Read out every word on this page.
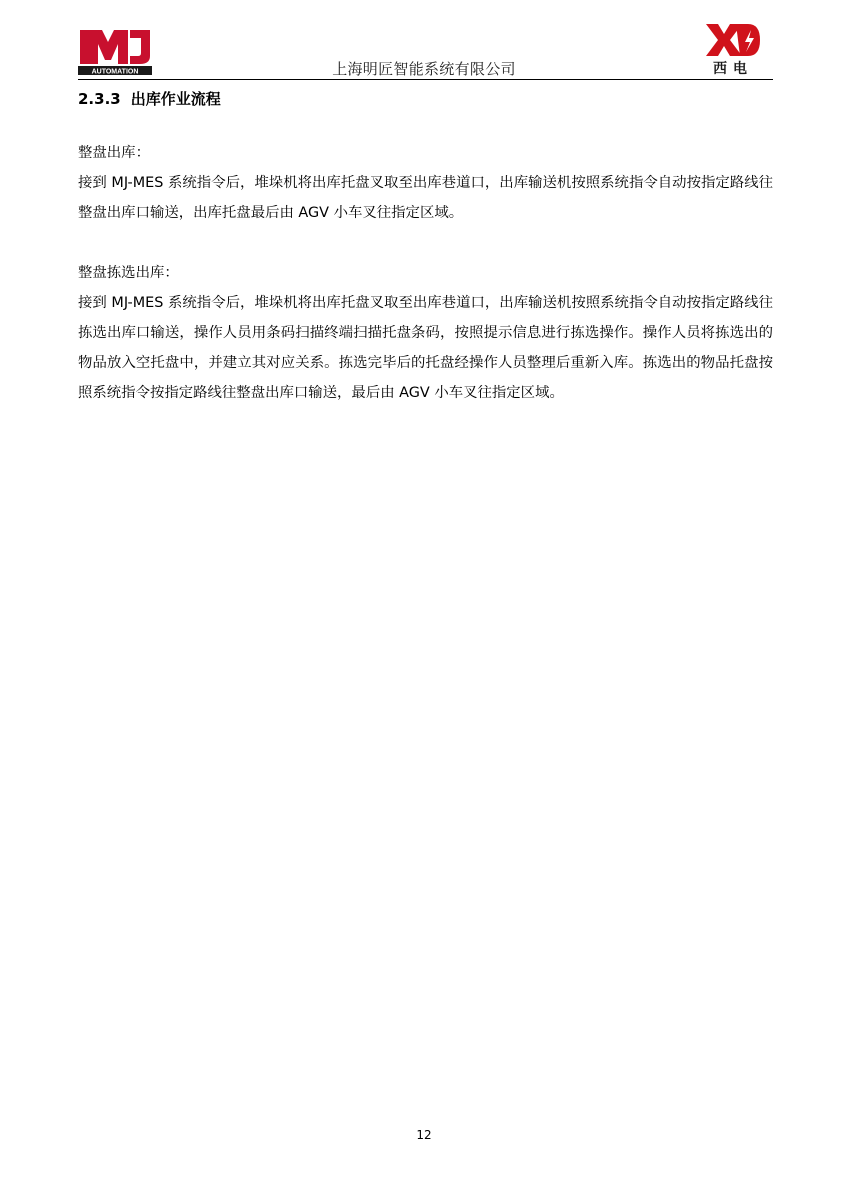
AUTOMATION	上海明匠智能系统有限公司	西电
2.3.3 出库作业流程

整盘出库：

接到 MJ-MES 系统指令后，堆垛机将出库托盘叉取至出库巷道口，出库输送机按照系统指令自动按指定路线往整盘出库口输送，出库托盘最后由 AGV 小车叉往指定区域。

整盘拣选出库：

接到 MJ-MES 系统指令后，堆垛机将出库托盘叉取至出库巷道口，出库输送机按照系统指令自动按指定路线往拣选出库口输送，操作人员用条码扫描终端扫描托盘条码，按照提示信息进行拣选操作。操作人员将拣选出的物品放入空托盘中，并建立其对应关系。拣选完毕后的托盘经操作人员整理后重新入库。拣选出的物品托盘按照系统指令按指定路线往整盘出库口输送，最后由 AGV 小车叉往指定区域。

12
